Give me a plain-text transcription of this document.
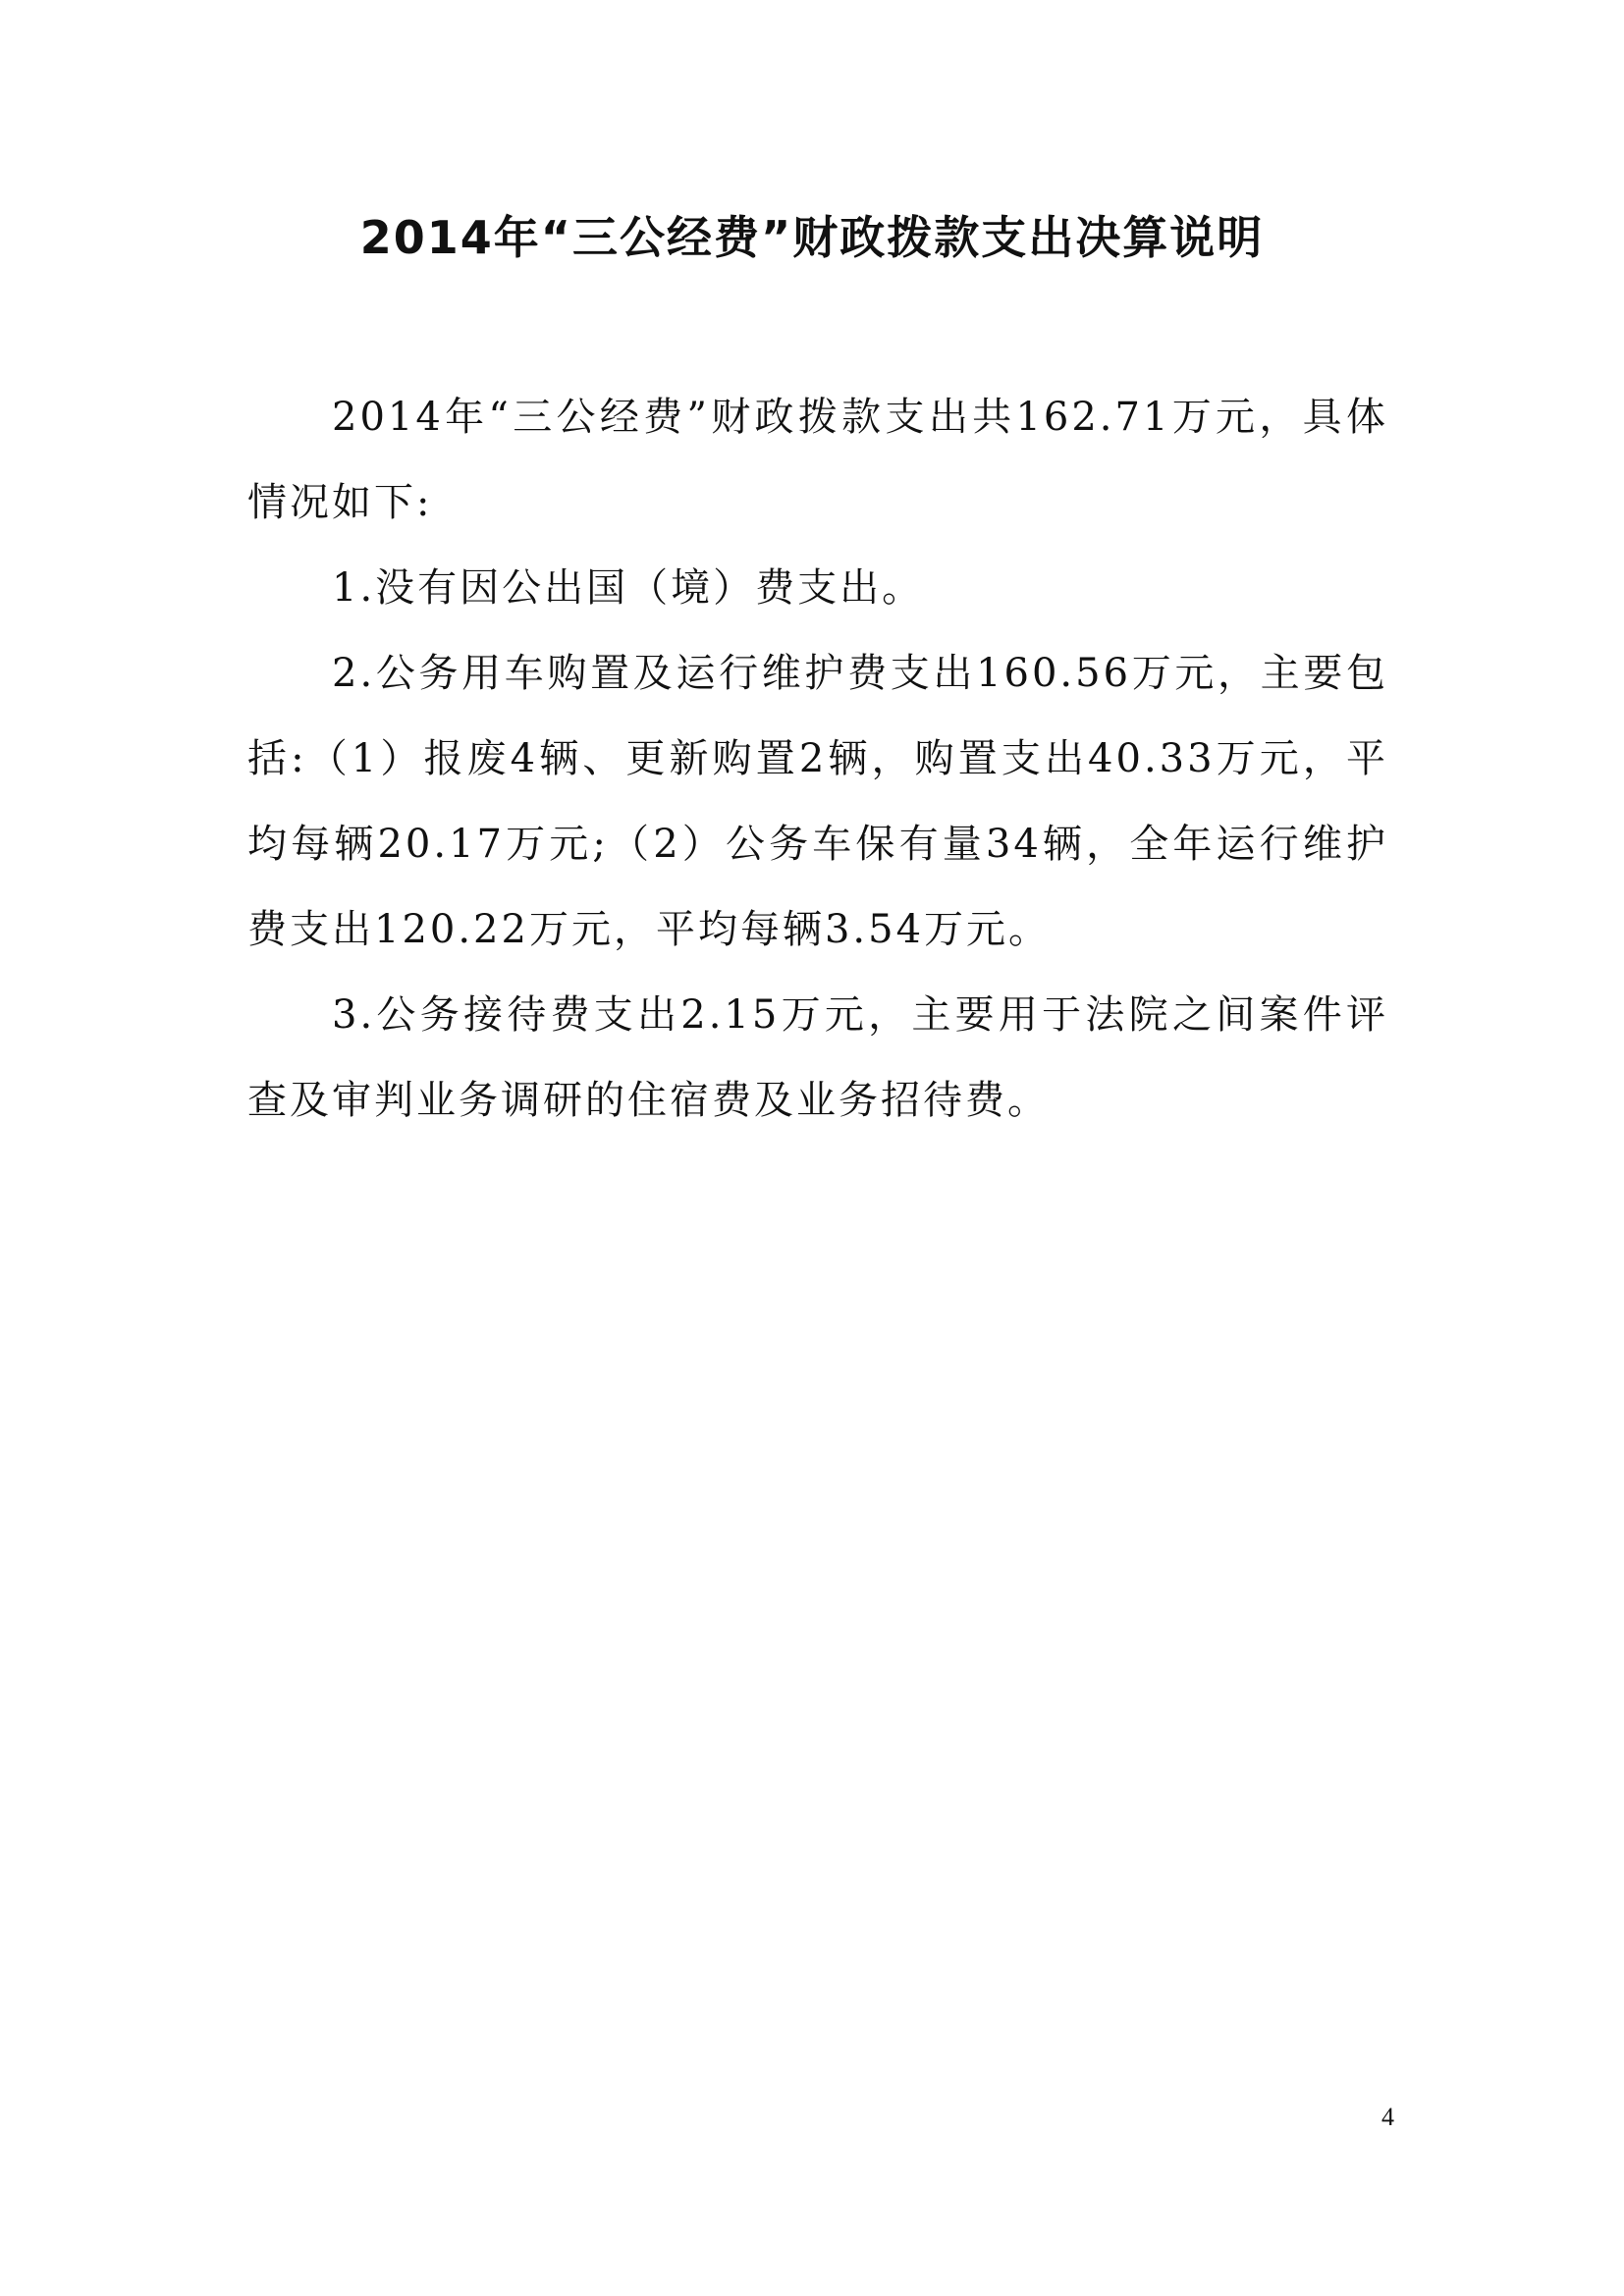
2014年“三公经费”财政拨款支出决算说明

2014年“三公经费”财政拨款支出共162.71万元，具体情况如下:

1.没有因公出国（境）费支出。

2.公务用车购置及运行维护费支出160.56万元，主要包括:（1）报废4辆、更新购置2辆，购置支出40.33万元，平均每辆20.17万元;（2）公务车保有量34辆，全年运行维护费支出120.22万元，平均每辆3.54万元。

3.公务接待费支出2.15万元，主要用于法院之间案件评查及审判业务调研的住宿费及业务招待费。

4
